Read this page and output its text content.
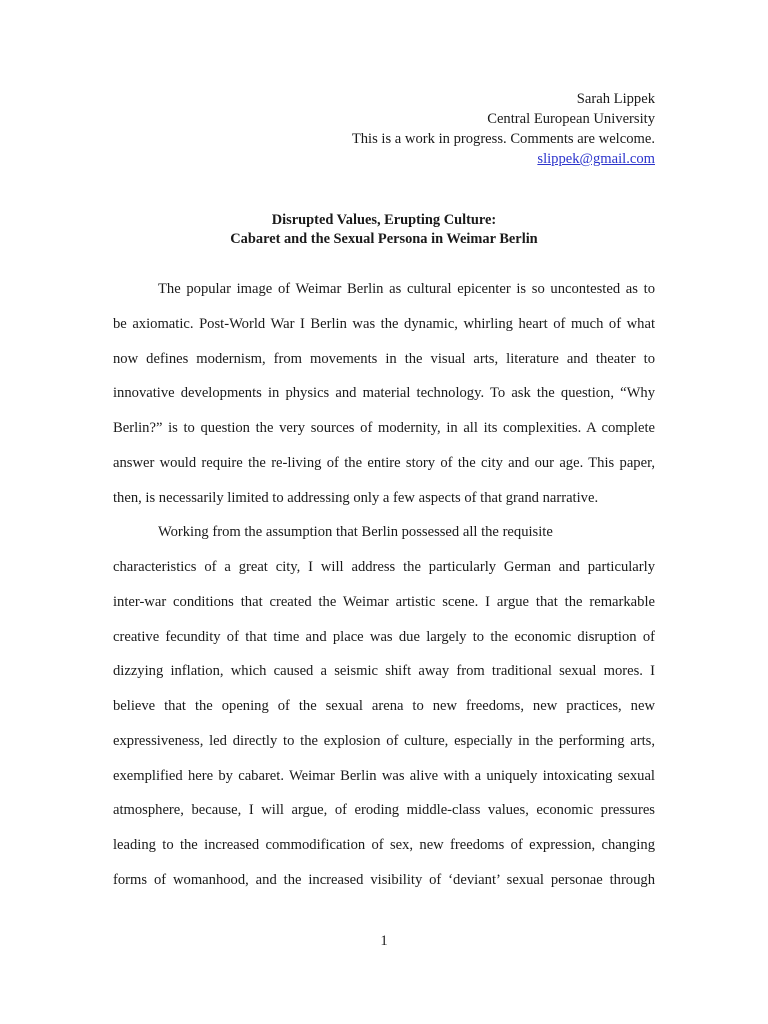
Sarah Lippek
Central European University
This is a work in progress. Comments are welcome.
slippek@gmail.com
Disrupted Values, Erupting Culture:
Cabaret and the Sexual Persona in Weimar Berlin
The popular image of Weimar Berlin as cultural epicenter is so uncontested as to
be axiomatic. Post-World War I Berlin was the dynamic, whirling heart of much of what
now defines modernism, from movements in the visual arts, literature and theater to
innovative developments in physics and material technology. To ask the question, “Why
Berlin?” is to question the very sources of modernity, in all its complexities. A complete
answer would require the re-living of the entire story of the city and our age. This paper,
then, is necessarily limited to addressing only a few aspects of that grand narrative.
Working from the assumption that Berlin possessed all the requisite
characteristics of a great city, I will address the particularly German and particularly
inter-war conditions that created the Weimar artistic scene. I argue that the remarkable
creative fecundity of that time and place was due largely to the economic disruption of
dizzying inflation, which caused a seismic shift away from traditional sexual mores. I
believe that the opening of the sexual arena to new freedoms, new practices, new
expressiveness, led directly to the explosion of culture, especially in the performing arts,
exemplified here by cabaret. Weimar Berlin was alive with a uniquely intoxicating sexual
atmosphere, because, I will argue, of eroding middle-class values, economic pressures
leading to the increased commodification of sex, new freedoms of expression, changing
forms of womanhood, and the increased visibility of ‘deviant’ sexual personae through
1
